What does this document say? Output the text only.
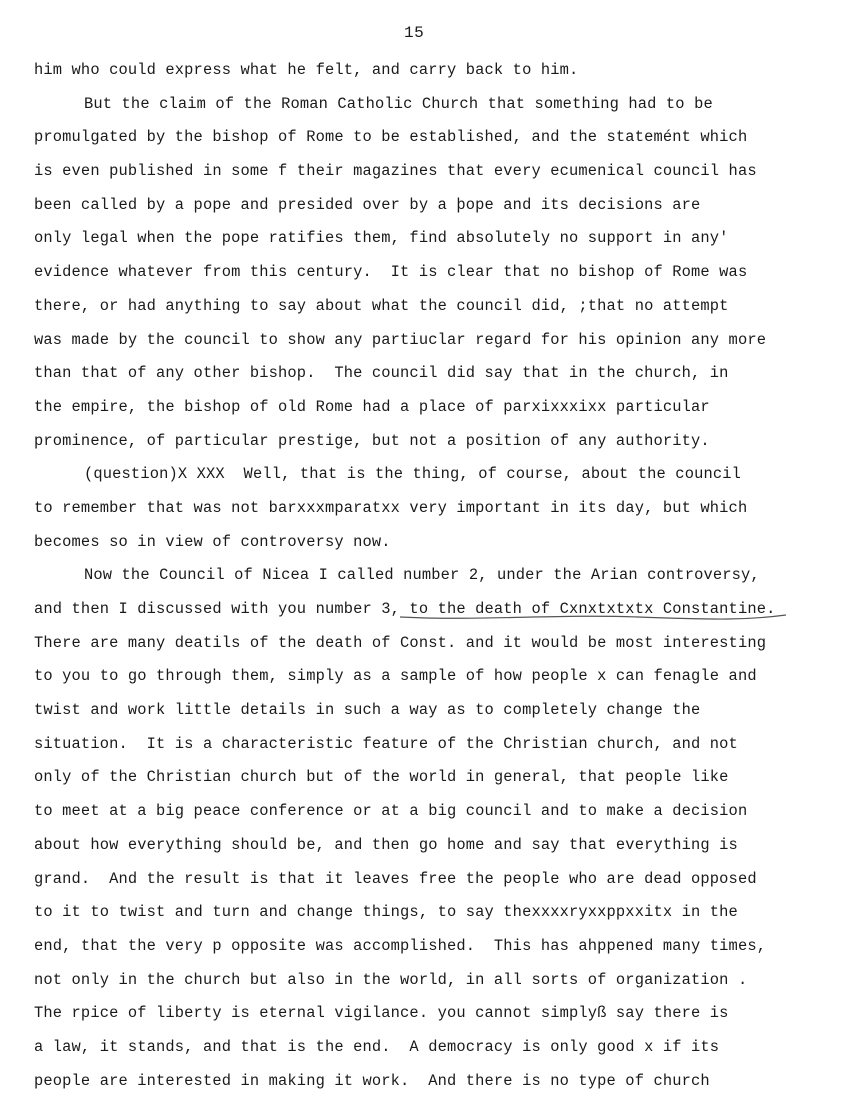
15
him who could express what he felt, and carry back to him.
But the claim of the Roman Catholic Church that something had to be
promulgated by the bishop of Rome to be established, and the statemént which
is even published in some f their magazines that every ecumenical council has
been called by a pope and presided over by a þope and its decisions are
only legal when the pope ratifies them, find absolutely no support in any'
evidence whatever from this century.  It is clear that no bishop of Rome was
there, or had anything to say about what the council did, ;that no attempt
was made by the council to show any partiuclar regard for his opinion any more
than that of any other bishop.  The council did say that in the church, in
the empire, the bishop of old Rome had a place of parxixxxixx particular
prominence, of particular prestige, but not a position of any authority.
(question)X XXX  Well, that is the thing, of course, about the council
to remember that was not barxxxmparatxx very important in its day, but which
becomes so in view of controversy now.
Now the Council of Nicea I called number 2, under the Arian controversy,
and then I discussed with you number 3, to the death of Cxnxtxtxtx Constantine.
There are many deatils of the death of Const. and it would be most interesting
to you to go through them, simply as a sample of how people x can fenagle and
twist and work little details in such a way as to completely change the
situation.  It is a characteristic feature of the Christian church, and not
only of the Christian church but of the world in general, that people like
to meet at a big peace conference or at a big council and to make a decision
about how everything should be, and then go home and say that everything is
grand.  And the result is that it leaves free the people who are dead opposed
to it to twist and turn and change things, to say thexxxxryxxppxxitx in the
end, that the very p opposite was accomplished.  This has ahppened many times,
not only in the church but also in the world, in all sorts of organization .
The rpice of liberty is eternal vigilance. you cannot simplyß say there is
a law, it stands, and that is the end.  A democracy is only good x if its
people are interested in making it work.  And there is no type of church
